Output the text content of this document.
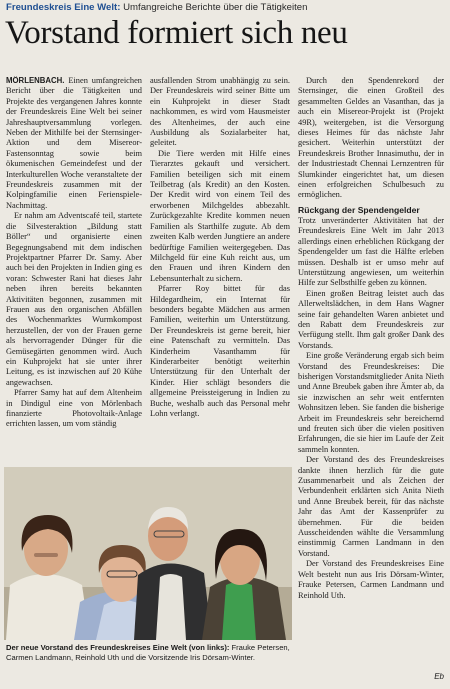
Freundeskreis Eine Welt: Umfangreiche Berichte über die Tätigkeiten
Vorstand formiert sich neu

MÖRLENBACH. Einen umfangreichen Bericht über die Tätigkeiten und Projekte des vergangenen Jahres konnte der Freundeskreis Eine Welt bei seiner Jahreshauptversammlung vorlegen. Neben der Mithilfe bei der Sternsinger-Aktion und dem Misereor-Fastensonntag sowie beim ökumenischen Gemeindefest und der Interkulturellen Woche veranstaltete der Freundeskreis zusammen mit der Kolpingfamilie einen Ferienspiele-Nachmittag.

Er nahm am Adventscafé teil, startete die Silvesteraktion „Bildung statt Böller“ und organisierte einen Begegnungsabend mit dem indischen Projektpartner Pfarrer Dr. Samy. Aber auch bei den Projekten in Indien ging es voran: Schwester Rani hat dieses Jahr neben ihren bereits bekannten Aktivitäten begonnen, zusammen mit Frauen aus den organischen Abfällen des Wochenmarktes Wurmkompost herzustellen, der von der Frauen gerne als hervorragender Dünger für die Gemüsegärten genommen wird. Auch ein Kuhprojekt hat sie unter ihrer Leitung, es ist inzwischen auf 20 Kühe angewachsen.

Pfarrer Samy hat auf dem Altenheim in Dindigul eine von Mörlenbach finanzierte Photovoltaik-Anlage errichten lassen, um vom ständig

ausfallenden Strom unabhängig zu sein. Der Freundeskreis wird seiner Bitte um ein Kuhprojekt in dieser Stadt nachkommen, es wird vom Hausmeister des Altenheimes, der auch eine Ausbildung als Sozialarbeiter hat, geleitet.

Die Tiere werden mit Hilfe eines Tierarztes gekauft und versichert. Familien beteiligen sich mit einem Teilbetrag (als Kredit) an den Kosten. Der Kredit wird von einem Teil des erworbenen Milchgeldes abbezahlt. Zurückgezahlte Kredite kommen neuen Familien als Starthilfe zugute. Ab dem zweiten Kalb werden Jungtiere an andere bedürftige Familien weitergegeben. Das Milchgeld für eine Kuh reicht aus, um den Frauen und ihren Kindern den Lebensunterhalt zu sichern.

Pfarrer Roy bittet für das Hildegardheim, ein Internat für besonders begabte Mädchen aus armen Familien, weiterhin um Unterstützung. Der Freundeskreis ist gerne bereit, hier eine Patenschaft zu vermitteln. Das Kinderheim Vasanthamm für Kinderarbeiter benötigt weiterhin Unterstützung für den Unterhalt der Kinder. Hier schlägt besonders die allgemeine Preissteigerung in Indien zu Buche, weshalb auch das Personal mehr Lohn verlangt.

Durch den Spendenrekord der Sternsinger, die einen Großteil des gesammelten Geldes an Vasanthan, das ja auch ein Misereor-Projekt ist (Projekt 49R), weitergeben, ist die Versorgung dieses Heimes für das nächste Jahr gesichert. Weiterhin unterstützt der Freundeskreis Brother Innasimuthu, der in der Industriestadt Chennai Lernzentren für Slumkinder eingerichtet hat, um diesen einen erfolgreichen Schulbesuch zu ermöglichen.

Rückgang der Spendengelder

Trotz unveränderter Aktivitäten hat der Freundeskreis Eine Welt im Jahr 2013 allerdings einen erheblichen Rückgang der Spendengelder um fast die Hälfte erleben müssen. Deshalb ist er umso mehr auf Unterstützung angewiesen, um weiterhin Hilfe zur Selbsthilfe geben zu können.

Einen großen Beitrag leistet auch das Allerweltslädchen, in dem Hans Wagner seine fair gehandelten Waren anbietet und den Rabatt dem Freundeskreis zur Verfügung stellt. Ihm galt großer Dank des Vorstands.

Eine große Veränderung ergab sich beim Vorstand des Freundeskreises: Die bisherigen Vorstandsmitglieder Anita Nieth und Anne Breubek gaben ihre Ämter ab, da sie inzwischen an sehr weit entfernten Wohnsitzen leben. Sie fanden die bisherige Arbeit im Freundeskreis sehr bereichernd und freuten sich über die vielen positiven Erfahrungen, die sie hier im Laufe der Zeit sammeln konnten.

Der Vorstand des des Freundeskreises dankte ihnen herzlich für die gute Zusammenarbeit und als Zeichen der Verbundenheit erklärten sich Anita Nieth und Anne Breubek bereit, für das nächste Jahr das Amt der Kassenprüfer zu übernehmen. Für die beiden Ausscheidenden wählte die Versammlung einstimmig Carmen Landmann in den Vorstand.

Der Vorstand des Freundeskreises Eine Welt besteht nun aus Iris Dörsam-Winter, Frauke Petersen, Carmen Landmann und Reinhold Uth.

Eb
Der neue Vorstand des Freundeskreises Eine Welt (von links): Frauke Petersen, Carmen Landmann, Reinhold Uth und die Vorsitzende Iris Dörsam-Winter.
